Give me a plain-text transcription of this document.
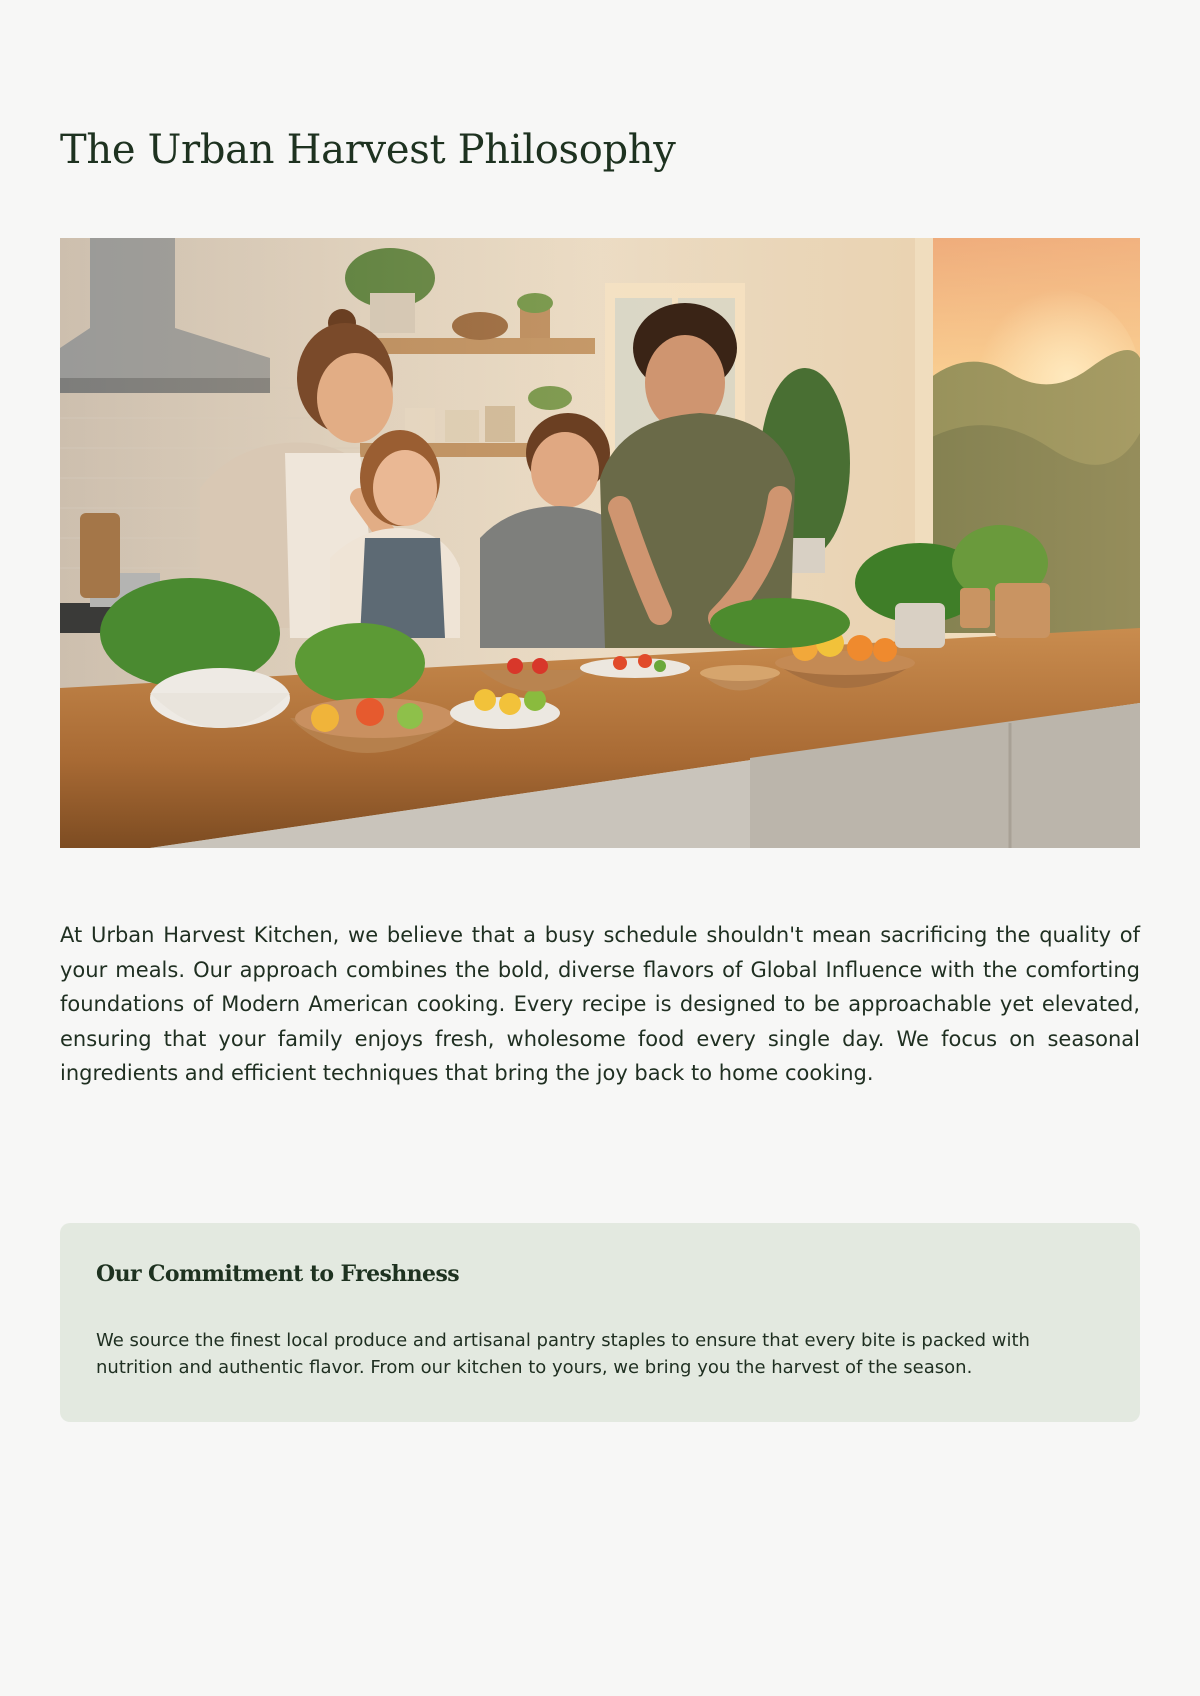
The Urban Harvest Philosophy

At Urban Harvest Kitchen, we believe that a busy schedule shouldn't mean sacrificing the quality of your meals. Our approach combines the bold, diverse flavors of Global Influence with the comforting foundations of Modern American cooking. Every recipe is designed to be approachable yet elevated, ensuring that your family enjoys fresh, wholesome food every single day. We focus on seasonal ingredients and efficient techniques that bring the joy back to home cooking.

Our Commitment to Freshness

We source the finest local produce and artisanal pantry staples to ensure that every bite is packed with nutrition and authentic flavor. From our kitchen to yours, we bring you the harvest of the season.
